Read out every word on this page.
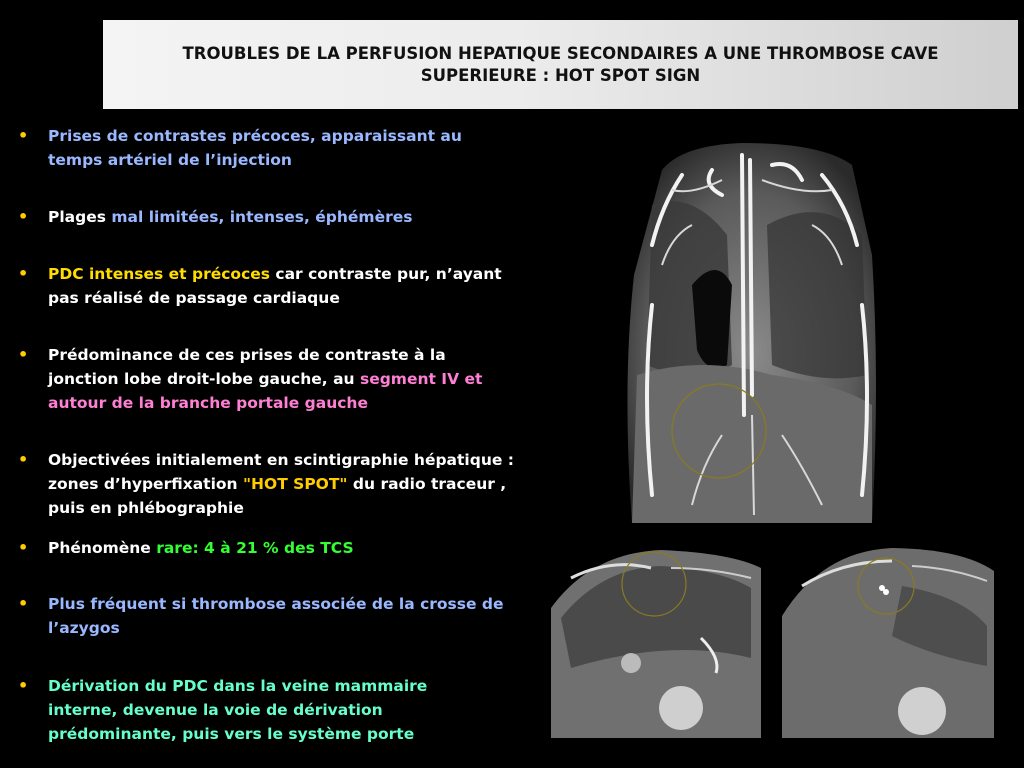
TROUBLES DE LA PERFUSION HEPATIQUE SECONDAIRES A UNE THROMBOSE CAVE
SUPERIEURE : HOT SPOT SIGN
• Prises de contrastes précoces, apparaissant au temps artériel de l’injection
• Plages mal limitées, intenses, éphémères
• PDC intenses et précoces car contraste pur, n’ayant pas réalisé de passage cardiaque
• Prédominance de ces prises de contraste à la jonction lobe droit-lobe gauche, au segment IV et autour de la branche portale gauche
• Objectivées initialement en scintigraphie hépatique : zones d’hyperfixation "HOT SPOT" du radio traceur , puis en phlébographie
• Phénomène rare: 4 à 21 % des TCS
• Plus fréquent si thrombose associée de la crosse de l’azygos
• Dérivation du PDC dans la veine mammaire interne, devenue la voie de dérivation prédominante, puis vers le système porte
